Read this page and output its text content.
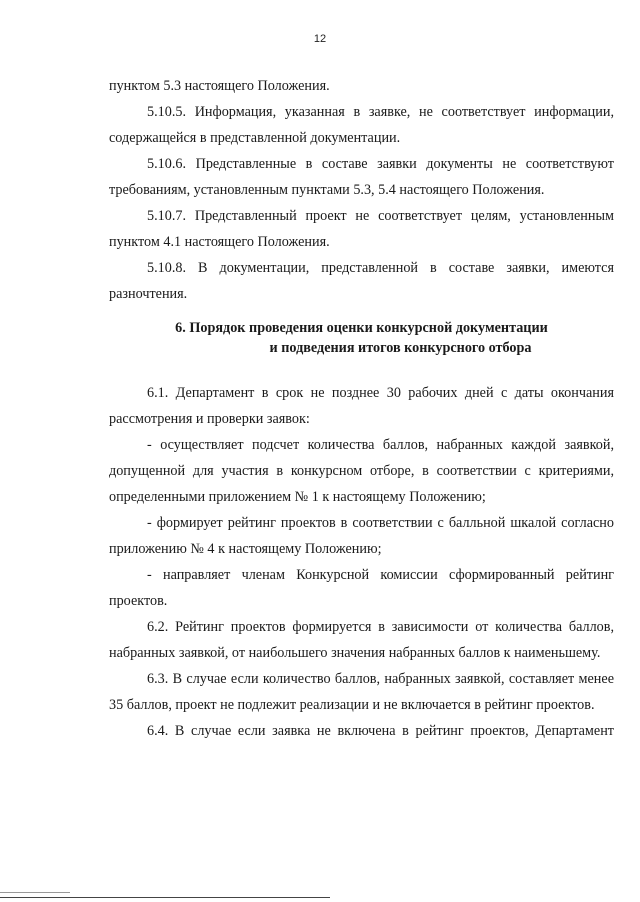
12

пунктом 5.3 настоящего Положения.

5.10.5. Информация, указанная в заявке, не соответствует информации, содержащейся в представленной документации.

5.10.6. Представленные в составе заявки документы не соответствуют требованиям, установленным пунктами 5.3, 5.4 настоящего Положения.

5.10.7. Представленный проект не соответствует целям, установленным пунктом 4.1 настоящего Положения.

5.10.8. В документации, представленной в составе заявки, имеются разночтения.

6. Порядок проведения оценки конкурсной документации
и подведения итогов конкурсного отбора

6.1. Департамент в срок не позднее 30 рабочих дней с даты окончания рассмотрения и проверки заявок:

- осуществляет подсчет количества баллов, набранных каждой заявкой, допущенной для участия в конкурсном отборе, в соответствии с критериями, определенными приложением № 1 к настоящему Положению;

- формирует рейтинг проектов в соответствии с балльной шкалой согласно приложению № 4 к настоящему Положению;

- направляет членам Конкурсной комиссии сформированный рейтинг проектов.

6.2. Рейтинг проектов формируется в зависимости от количества баллов, набранных заявкой, от наибольшего значения набранных баллов к наименьшему.

6.3. В случае если количество баллов, набранных заявкой, составляет менее 35 баллов, проект не подлежит реализации и не включается в рейтинг проектов.

6.4. В случае если заявка не включена в рейтинг проектов, Департамент
